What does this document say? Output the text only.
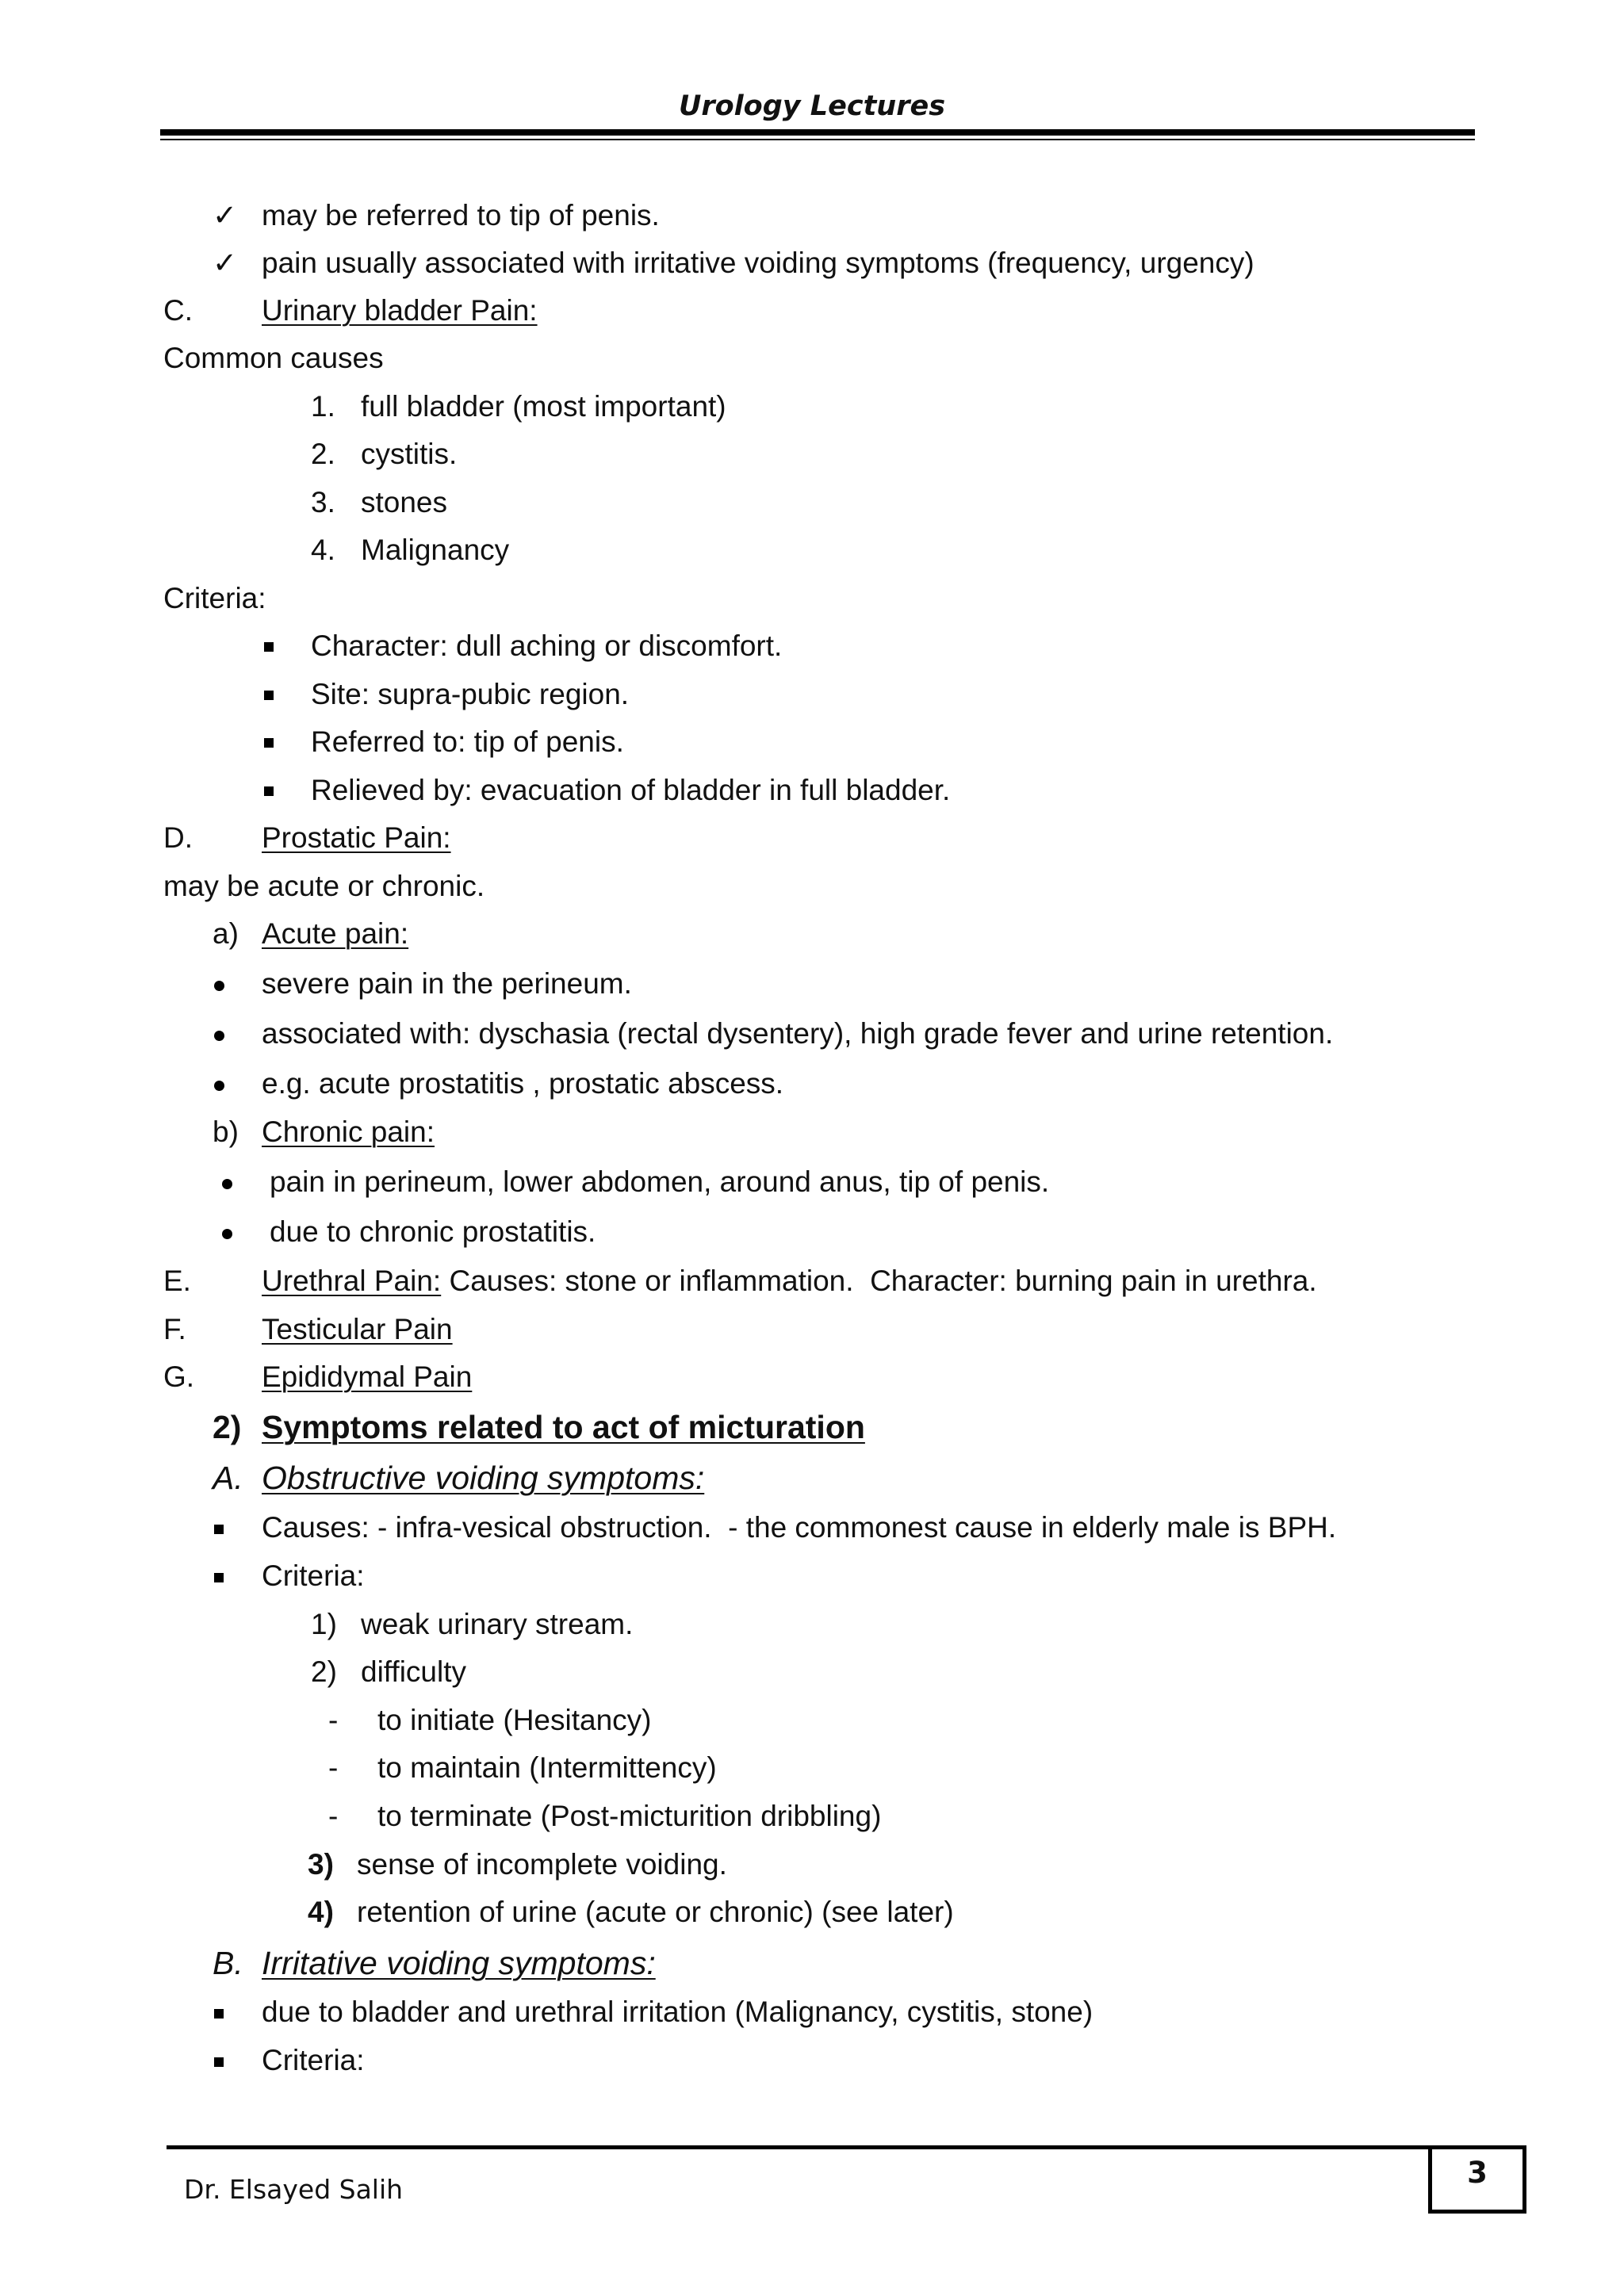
Urology Lectures
✓ may be referred to tip of penis.
✓ pain usually associated with irritative voiding symptoms (frequency, urgency)
C. Urinary bladder Pain:
Common causes
1. full bladder (most important)
2. cystitis.
3. stones
4. Malignancy
Criteria:
Character: dull aching or discomfort.
Site: supra-pubic region.
Referred to: tip of penis.
Relieved by: evacuation of bladder in full bladder.
D. Prostatic Pain:
may be acute or chronic.
a) Acute pain:
severe pain in the perineum.
associated with: dyschasia (rectal dysentery), high grade fever and urine retention.
e.g. acute prostatitis , prostatic abscess.
b) Chronic pain:
pain in perineum, lower abdomen, around anus, tip of penis.
due to chronic prostatitis.
E. Urethral Pain: Causes: stone or inflammation.  Character: burning pain in urethra.
F.	Testicular Pain
G. Epididymal Pain
2) Symptoms related to act of micturation
A. Obstructive voiding symptoms:
Causes: - infra-vesical obstruction.  - the commonest cause in elderly male is BPH.
Criteria:
1) weak urinary stream.
2) difficulty
- to initiate (Hesitancy)
- to maintain (Intermittency)
- to terminate (Post-micturition dribbling)
3) sense of incomplete voiding.
4) retention of urine (acute or chronic) (see later)
B. Irritative voiding symptoms:
due to bladder and urethral irritation (Malignancy, cystitis, stone)
Criteria:
Dr. Elsayed Salih	3
